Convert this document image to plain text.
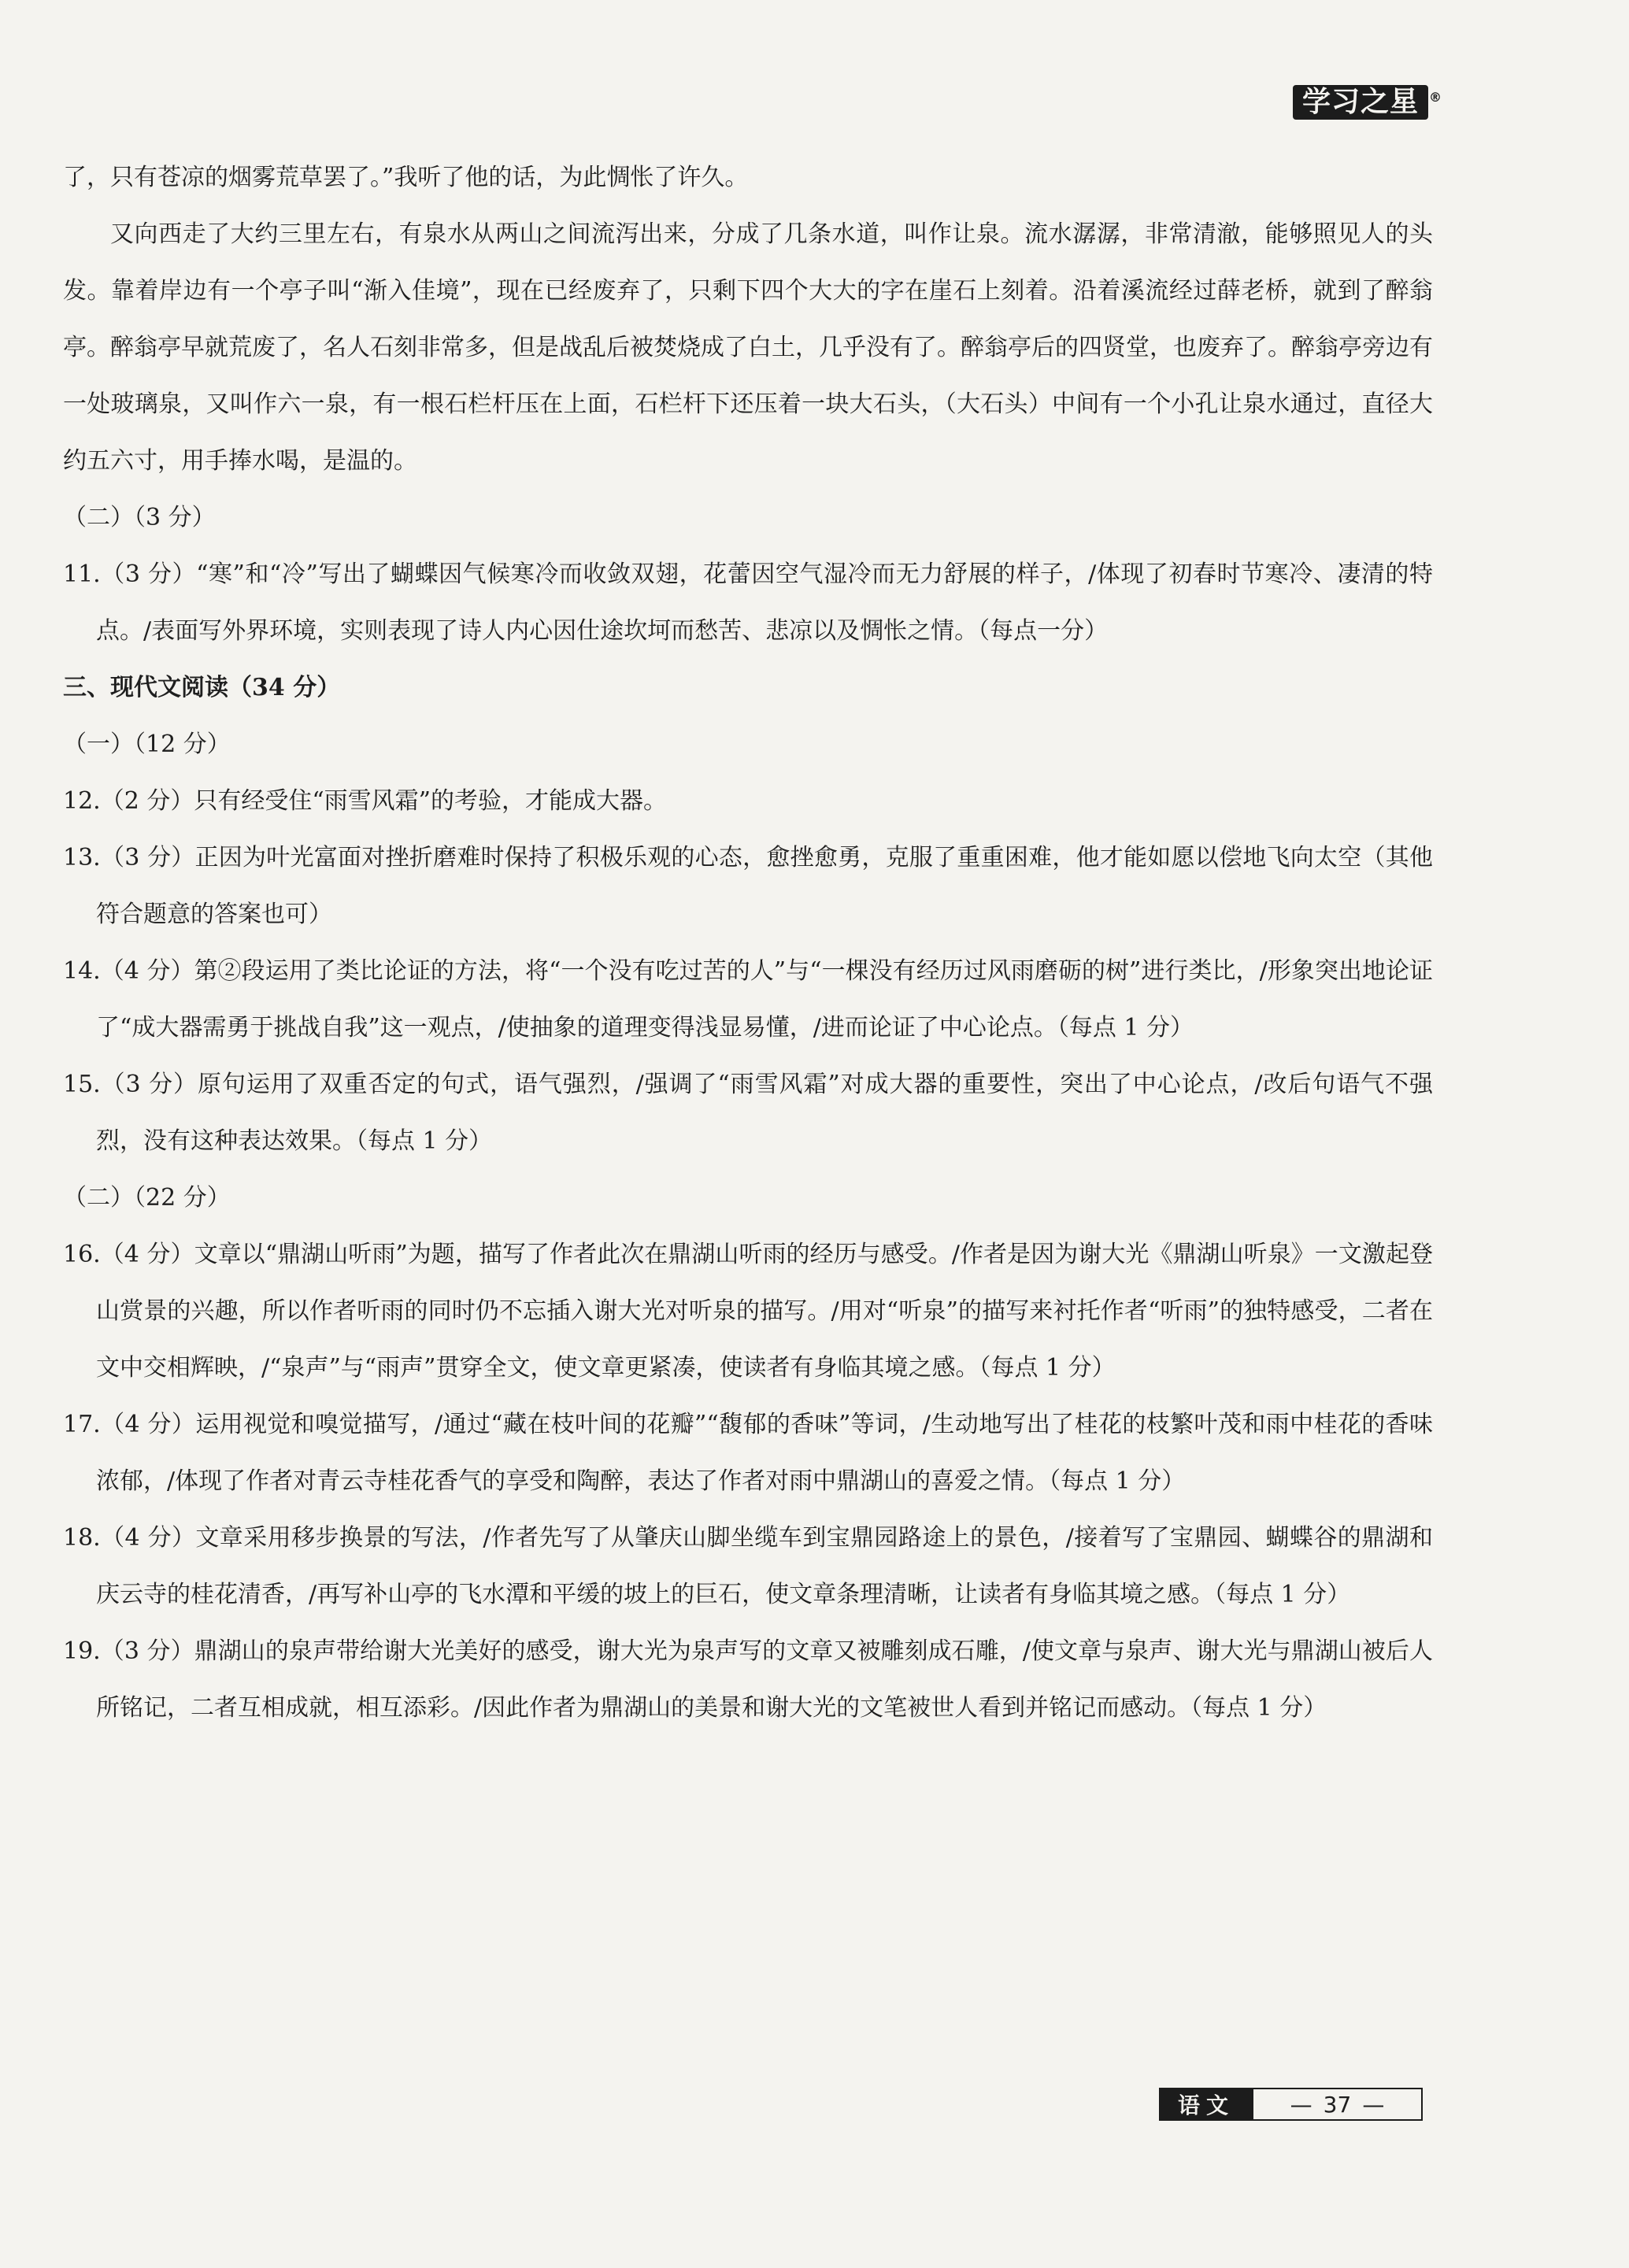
学习之星 ®

了，只有苍凉的烟雾荒草罢了。”我听了他的话，为此惆怅了许久。

又向西走了大约三里左右，有泉水从两山之间流泻出来，分成了几条水道，叫作让泉。流水潺潺，非常清澈，能够照见人的头发。靠着岸边有一个亭子叫“渐入佳境”，现在已经废弃了，只剩下四个大大的字在崖石上刻着。沿着溪流经过薛老桥，就到了醉翁亭。醉翁亭早就荒废了，名人石刻非常多，但是战乱后被焚烧成了白土，几乎没有了。醉翁亭后的四贤堂，也废弃了。醉翁亭旁边有一处玻璃泉，又叫作六一泉，有一根石栏杆压在上面，石栏杆下还压着一块大石头，（大石头）中间有一个小孔让泉水通过，直径大约五六寸，用手捧水喝，是温的。

（二）（3 分）

11.（3 分）“寒”和“冷”写出了蝴蝶因气候寒冷而收敛双翅，花蕾因空气湿冷而无力舒展的样子，/体现了初春时节寒冷、凄清的特点。/表面写外界环境，实则表现了诗人内心因仕途坎坷而愁苦、悲凉以及惆怅之情。（每点一分）

三、现代文阅读（34 分）

（一）（12 分）

12.（2 分）只有经受住“雨雪风霜”的考验，才能成大器。

13.（3 分）正因为叶光富面对挫折磨难时保持了积极乐观的心态，愈挫愈勇，克服了重重困难，他才能如愿以偿地飞向太空（其他符合题意的答案也可）

14.（4 分）第②段运用了类比论证的方法，将“一个没有吃过苦的人”与“一棵没有经历过风雨磨砺的树”进行类比，/形象突出地论证了“成大器需勇于挑战自我”这一观点，/使抽象的道理变得浅显易懂，/进而论证了中心论点。（每点 1 分）

15.（3 分）原句运用了双重否定的句式，语气强烈，/强调了“雨雪风霜”对成大器的重要性，突出了中心论点，/改后句语气不强烈，没有这种表达效果。（每点 1 分）

（二）（22 分）

16.（4 分）文章以“鼎湖山听雨”为题，描写了作者此次在鼎湖山听雨的经历与感受。/作者是因为谢大光《鼎湖山听泉》一文激起登山赏景的兴趣，所以作者听雨的同时仍不忘插入谢大光对听泉的描写。/用对“听泉”的描写来衬托作者“听雨”的独特感受，二者在文中交相辉映，/“泉声”与“雨声”贯穿全文，使文章更紧凑，使读者有身临其境之感。（每点 1 分）

17.（4 分）运用视觉和嗅觉描写，/通过“藏在枝叶间的花瓣”“馥郁的香味”等词，/生动地写出了桂花的枝繁叶茂和雨中桂花的香味浓郁，/体现了作者对青云寺桂花香气的享受和陶醉，表达了作者对雨中鼎湖山的喜爱之情。（每点 1 分）

18.（4 分）文章采用移步换景的写法，/作者先写了从肇庆山脚坐缆车到宝鼎园路途上的景色，/接着写了宝鼎园、蝴蝶谷的鼎湖和庆云寺的桂花清香，/再写补山亭的飞水潭和平缓的坡上的巨石，使文章条理清晰，让读者有身临其境之感。（每点 1 分）

19.（3 分）鼎湖山的泉声带给谢大光美好的感受，谢大光为泉声写的文章又被雕刻成石雕，/使文章与泉声、谢大光与鼎湖山被后人所铭记，二者互相成就，相互添彩。/因此作者为鼎湖山的美景和谢大光的文笔被世人看到并铭记而感动。（每点 1 分）

语文	— 37 —
